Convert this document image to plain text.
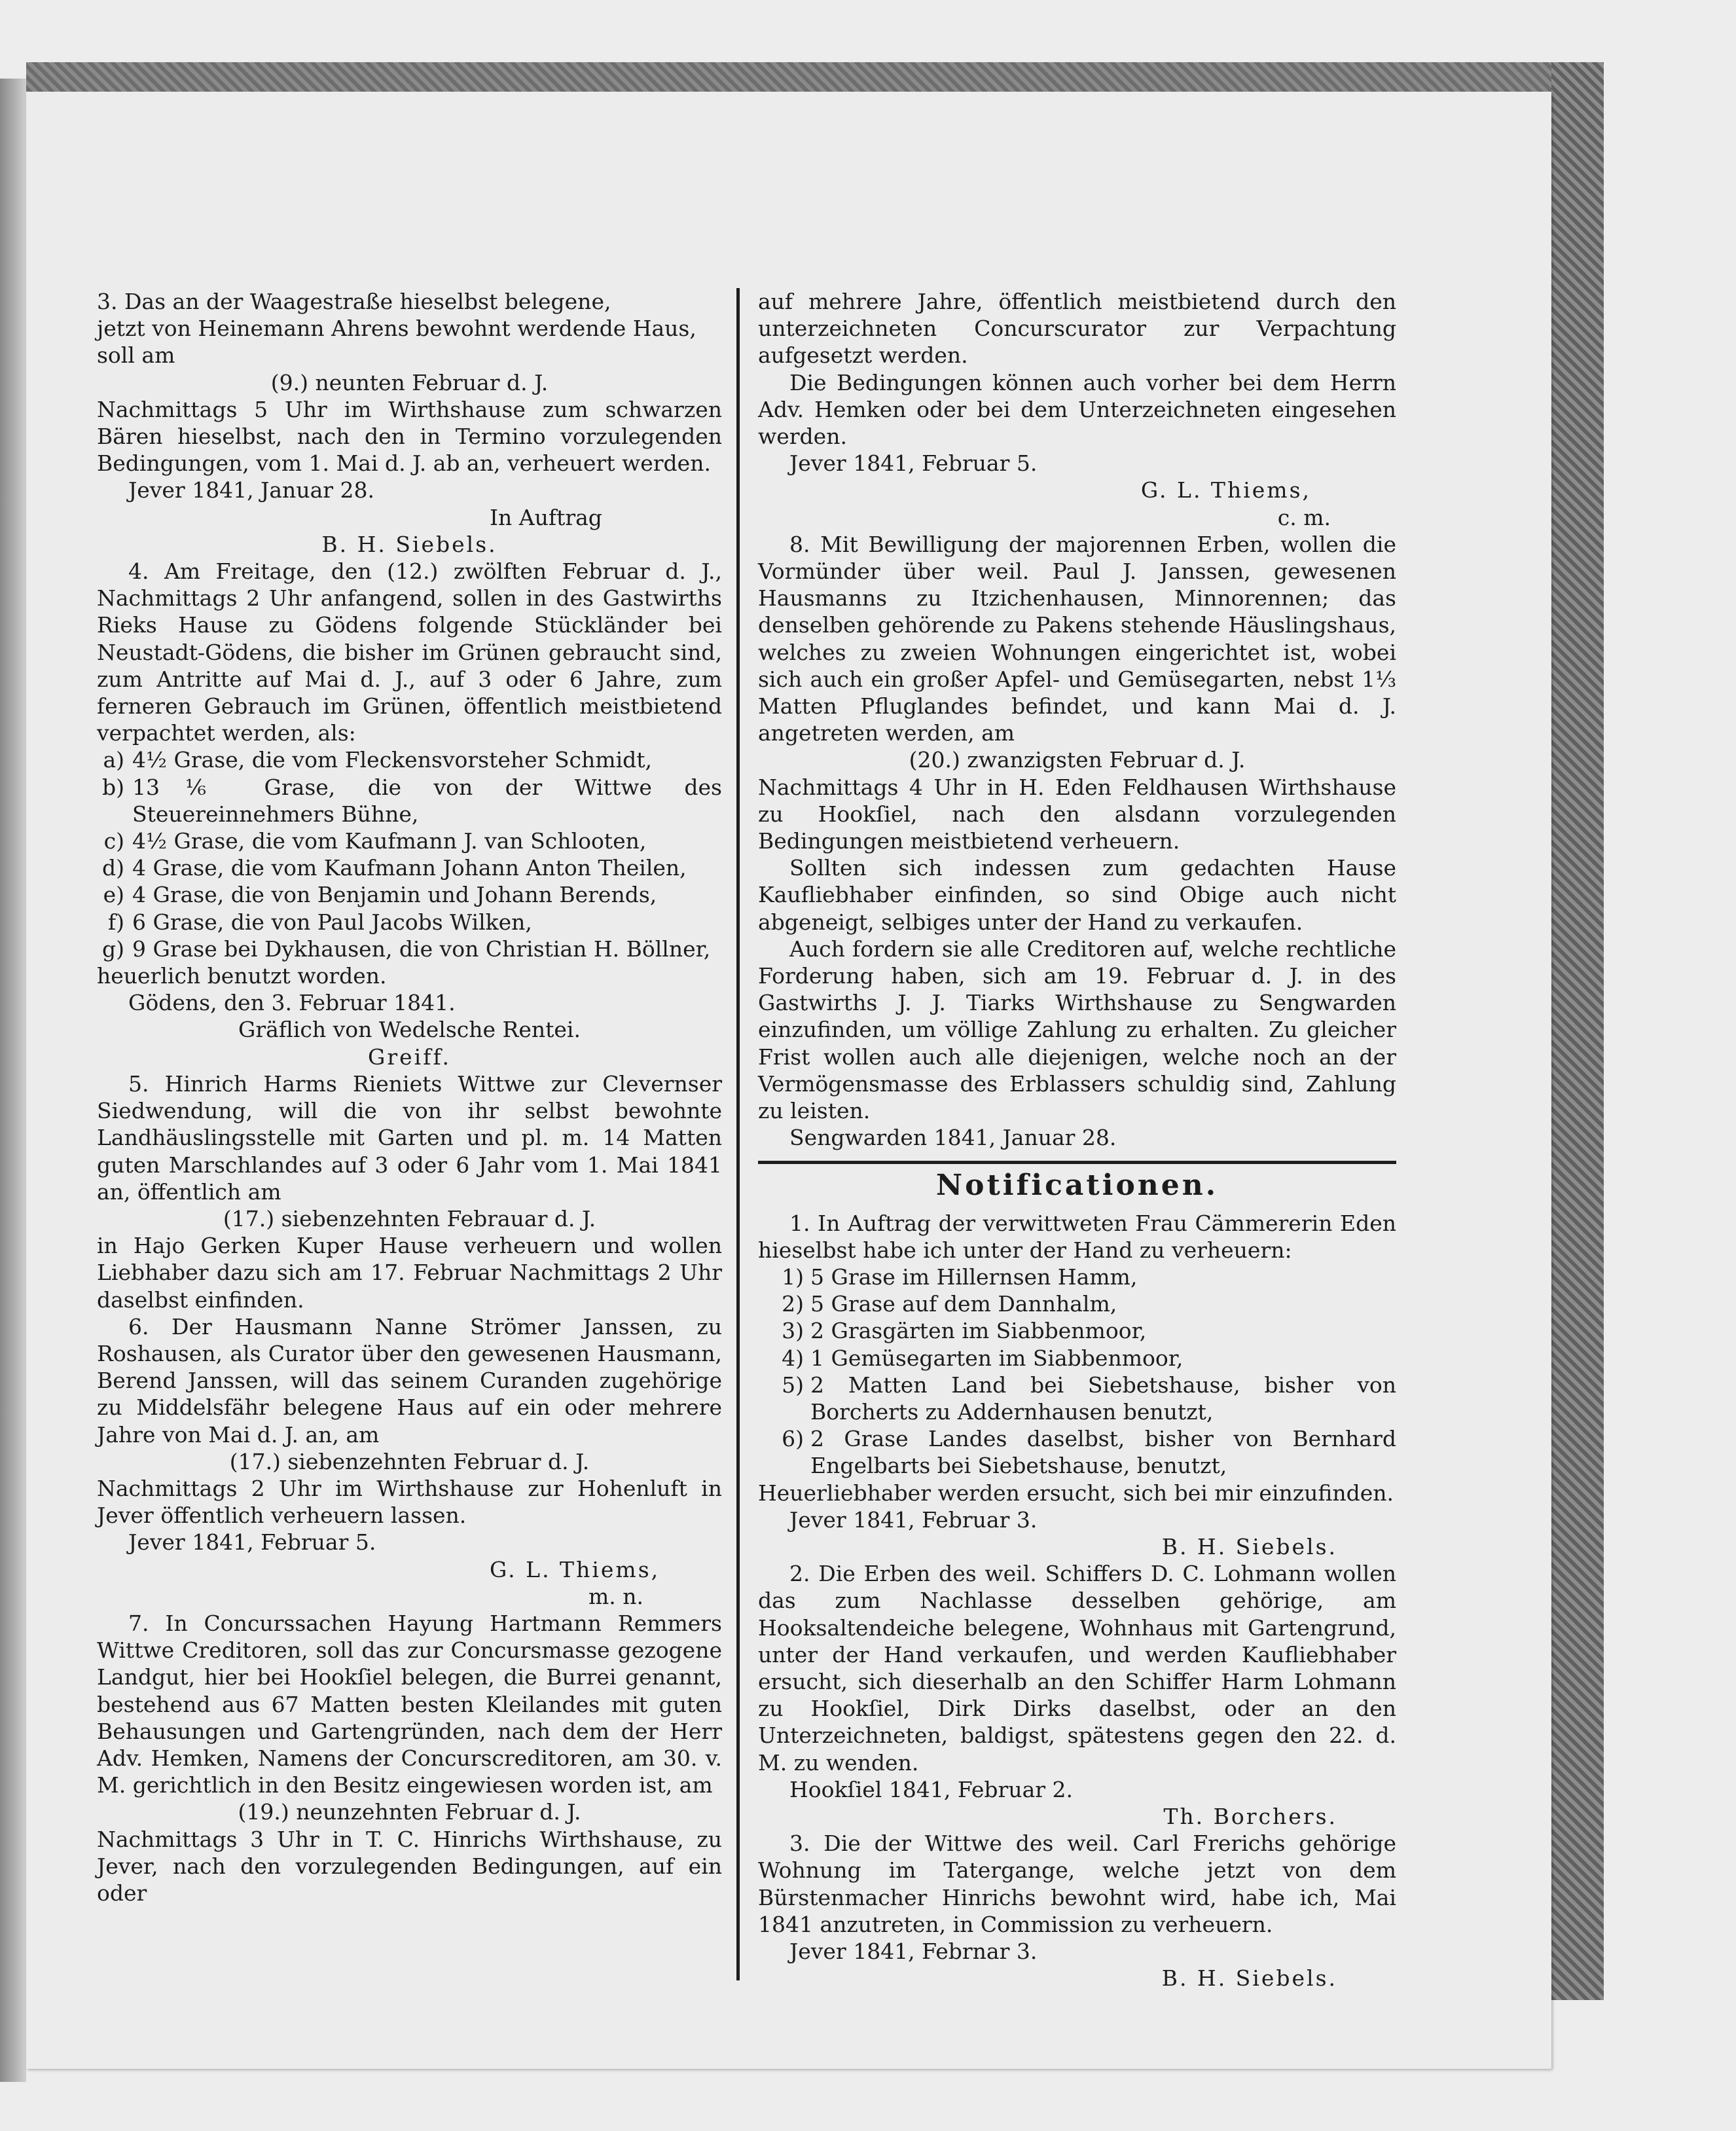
3. Das an der Waagestraße hieselbst belegene,

jetzt von Heinemann Ahrens bewohnt werdende Haus,

soll am

(9.) neunten Februar d. J.

Nachmittags 5 Uhr im Wirthshause zum schwarzen Bären hieselbst, nach den in Termino vorzulegenden Bedingungen, vom 1. Mai d. J. ab an, verheuert werden.

Jever 1841, Januar 28.

In Auftrag

B. H. Siebels.

4. Am Freitage, den (12.) zwölften Februar d. J., Nachmittags 2 Uhr anfangend, sollen in des Gastwirths Rieks Hause zu Gödens folgende Stückländer bei Neustadt-Gödens, die bisher im Grünen gebraucht sind, zum Antritte auf Mai d. J., auf 3 oder 6 Jahre, zum ferneren Gebrauch im Grünen, öffentlich meistbietend verpachtet werden, als:

a) 4½ Grase, die vom Fleckensvorsteher Schmidt,
b) 13⅙ Grase, die von der Wittwe des Steuereinnehmers Bühne,
c) 4½ Grase, die vom Kaufmann J. van Schlooten,
d) 4 Grase, die vom Kaufmann Johann Anton Theilen,
e) 4 Grase, die von Benjamin und Johann Berends,
f) 6 Grase, die von Paul Jacobs Wilken,
g) 9 Grase bei Dykhausen, die von Christian H. Böllner,

heuerlich benutzt worden.

Gödens, den 3. Februar 1841.

Gräflich von Wedelsche Rentei.

Greiff.

5. Hinrich Harms Rieniets Wittwe zur Clevernser Siedwendung, will die von ihr selbst bewohnte Landhäuslingsstelle mit Garten und pl. m. 14 Matten guten Marschlandes auf 3 oder 6 Jahr vom 1. Mai 1841 an, öffentlich am

(17.) siebenzehnten Febrauar d. J.

in Hajo Gerken Kuper Hause verheuern und wollen Liebhaber dazu sich am 17. Februar Nachmittags 2 Uhr daselbst einfinden.

6. Der Hausmann Nanne Strömer Janssen, zu Roshausen, als Curator über den gewesenen Hausmann, Berend Janssen, will das seinem Curanden zugehörige zu Middelsfähr belegene Haus auf ein oder mehrere Jahre von Mai d. J. an, am

(17.) siebenzehnten Februar d. J.

Nachmittags 2 Uhr im Wirthshause zur Hohenluft in Jever öffentlich verheuern lassen.

Jever 1841, Februar 5.

G. L. Thiems,

m. n.

7. In Concurssachen Hayung Hartmann Remmers Wittwe Creditoren, soll das zur Concursmasse gezogene Landgut, hier bei Hookſiel belegen, die Burrei genannt, bestehend aus 67 Matten besten Kleilandes mit guten Behausungen und Gartengründen, nach dem der Herr Adv. Hemken, Namens der Concurscreditoren, am 30. v. M. gerichtlich in den Besitz eingewiesen worden ist, am

(19.) neunzehnten Februar d. J.

Nachmittags 3 Uhr in T. C. Hinrichs Wirthshause, zu Jever, nach den vorzulegenden Bedingungen, auf ein oder

auf mehrere Jahre, öffentlich meistbietend durch den unterzeichneten Concurscurator zur Verpachtung aufgesetzt werden.

Die Bedingungen können auch vorher bei dem Herrn Adv. Hemken oder bei dem Unterzeichneten eingesehen werden.

Jever 1841, Februar 5.

G. L. Thiems,

c. m.

8. Mit Bewilligung der majorennen Erben, wollen die Vormünder über weil. Paul J. Janssen, gewesenen Hausmanns zu Itzichenhausen, Minnorennen; das denselben gehörende zu Pakens stehende Häuslingshaus, welches zu zweien Wohnungen eingerichtet ist, wobei sich auch ein großer Apfel- und Gemüsegarten, nebst 1⅓ Matten Pfluglandes befindet, und kann Mai d. J. angetreten werden, am

(20.) zwanzigsten Februar d. J.

Nachmittags 4 Uhr in H. Eden Feldhausen Wirthshause zu Hookſiel, nach den alsdann vorzulegenden Bedingungen meistbietend verheuern.

Sollten sich indessen zum gedachten Hause Kaufliebhaber einfinden, so sind Obige auch nicht abgeneigt, selbiges unter der Hand zu verkaufen.

Auch fordern sie alle Creditoren auf, welche rechtliche Forderung haben, sich am 19. Februar d. J. in des Gastwirths J. J. Tiarks Wirthshause zu Sengwarden einzufinden, um völlige Zahlung zu erhalten. Zu gleicher Frist wollen auch alle diejenigen, welche noch an der Vermögensmasse des Erblassers schuldig sind, Zahlung zu leisten.

Sengwarden 1841, Januar 28.

Notificationen.

1. In Auftrag der verwittweten Frau Cämmererin Eden hieselbst habe ich unter der Hand zu verheuern:

1) 5 Grase im Hillernsen Hamm,
2) 5 Grase auf dem Dannhalm,
3) 2 Grasgärten im Siabbenmoor,
4) 1 Gemüsegarten im Siabbenmoor,
5) 2 Matten Land bei Siebetshause, bisher von Borcherts zu Addernhausen benutzt,
6) 2 Grase Landes daselbst, bisher von Bernhard Engelbarts bei Siebetshause, benutzt,

Heuerliebhaber werden ersucht, sich bei mir einzufinden.

Jever 1841, Februar 3.

B. H. Siebels.

2. Die Erben des weil. Schiffers D. C. Lohmann wollen das zum Nachlasse desselben gehörige, am Hooksaltendeiche belegene, Wohnhaus mit Gartengrund, unter der Hand verkaufen, und werden Kaufliebhaber ersucht, sich dieserhalb an den Schiffer Harm Lohmann zu Hookſiel, Dirk Dirks daselbst, oder an den Unterzeichneten, baldigst, spätestens gegen den 22. d. M. zu wenden.

Hookſiel 1841, Februar 2.

Th. Borchers.

3. Die der Wittwe des weil. Carl Frerichs gehörige Wohnung im Tatergange, welche jetzt von dem Bürstenmacher Hinrichs bewohnt wird, habe ich, Mai 1841 anzutreten, in Commission zu verheuern.

Jever 1841, Febrnar 3.

B. H. Siebels.
